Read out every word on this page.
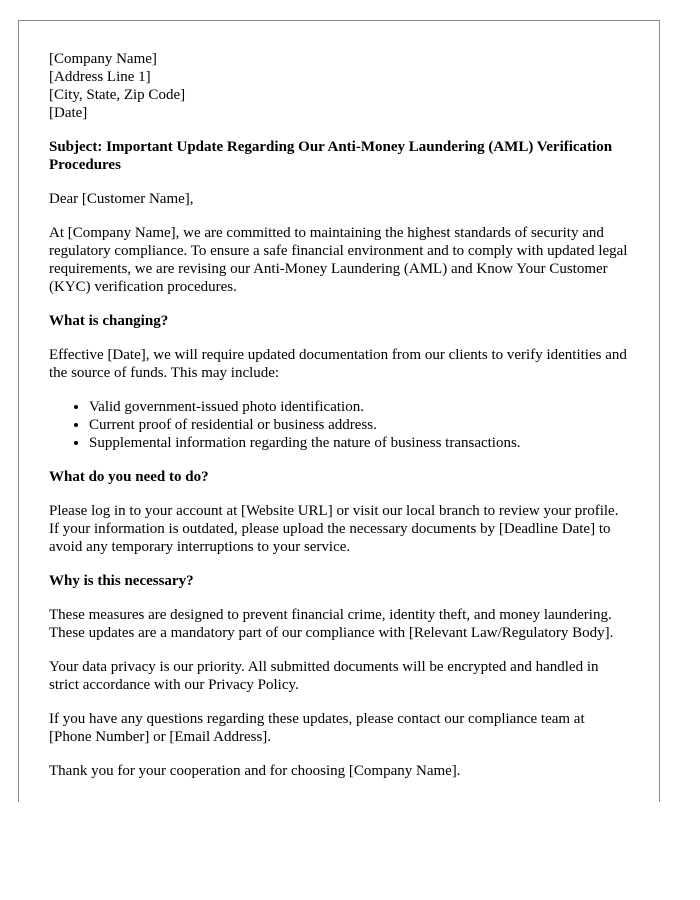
[Company Name]

[Address Line 1]

[City, State, Zip Code]

[Date]

Subject: Important Update Regarding Our Anti-Money Laundering (AML) Verification Procedures

Dear [Customer Name],

At [Company Name], we are committed to maintaining the highest standards of security and regulatory compliance. To ensure a safe financial environment and to comply with updated legal requirements, we are revising our Anti-Money Laundering (AML) and Know Your Customer (KYC) verification procedures.

What is changing?

Effective [Date], we will require updated documentation from our clients to verify identities and the source of funds. This may include:

• Valid government-issued photo identification.
• Current proof of residential or business address.
• Supplemental information regarding the nature of business transactions.

What do you need to do?

Please log in to your account at [Website URL] or visit our local branch to review your profile. If your information is outdated, please upload the necessary documents by [Deadline Date] to avoid any temporary interruptions to your service.

Why is this necessary?

These measures are designed to prevent financial crime, identity theft, and money laundering. These updates are a mandatory part of our compliance with [Relevant Law/Regulatory Body].

Your data privacy is our priority. All submitted documents will be encrypted and handled in strict accordance with our Privacy Policy.

If you have any questions regarding these updates, please contact our compliance team at [Phone Number] or [Email Address].

Thank you for your cooperation and for choosing [Company Name].
